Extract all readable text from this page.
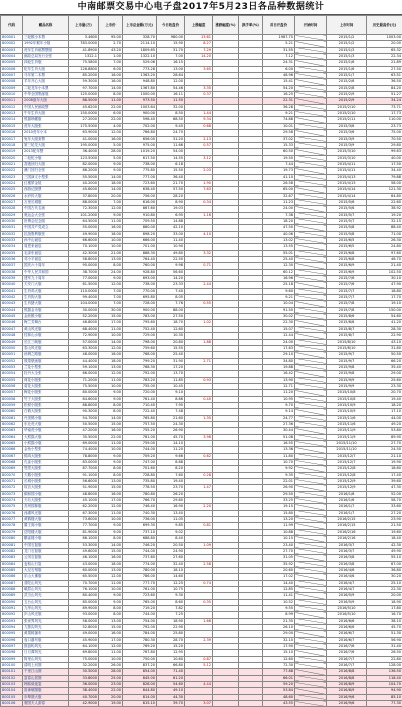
中南邮票交易中心电子盘2017年5月23日各品种数据统计
代码	藏品名称	上市量(万)	上市价	上市总金额(万元)	今日收盘价	上涨幅度	涨跌幅度(%)	换手率(%)	首日开盘价	开始时间	上市时间	历史最高价(元)
800001	三轮猴小本票	3.4600	95.00	328.70	980.00	13.61			1987.75		2015/1/2	1003.00
800002	1992年猴年小版	783.0000	2.70	2114.10	15.90	8.27			5.21		2015/1/2	20.00
800003	虎年生肖邮票整版	41.8900	43.20	1809.65	31.70	7.29			31.55		2015/1/3	65.32
800004	邮政总局发行全张	1322.1	1.00	1322.10	7.00	14.20			7.12		2015/1/3	22.34
800005	四轮生肖版	75.5800	7.00	529.06	16.15				24.31		2015/1/6	21.89
800006	蛇年生肖大版	128.8800	6.00	773.28	13.00	3.65			6.00		2015/1/6	27.50
800007	马年第二本票	85.2000	16.00	1363.20	28.64				48.96		2015/1/7	63.51
800008	羊年开心大版	59.3000	16.00	948.80	12.00				15.41		2015/2/6	36.50
800009	二轮龙年小本票	97.7000	14.00	1367.80	54.46	3.35			54.20		2015/2/8	84.20
800010	中华全国集邮展	125.0000	8.00	1000.00	16.11	0.37			16.25		2015/2/9	51.27
800011	2008鼠年大版	88.5000	11.00	973.50	11.50				22.31		2015/2/9	34.24
800012	中国人民邮政整	45.6200	22.00	1003.64	32.00				36.28		2015/2/10	73.71
800013	牛年生肖大版	150.0000	6.00	900.00	8.50	1.44			9.21		2015/2/10	17.73
800014	熊猫珍藏版	27.2000	22.00	598.40	68.50	9.34			74.88		2015/2/11	110.00
800015	虎年大版张	175.5000	4.00	702.00	9.45	0.68			10.01		2015/3/6	23.73
800016	2010虎年小本	63.9000	12.00	766.80	24.70				29.58		2015/3/6	75.00
800017	兔年大版套票	41.0000	16.00	656.00	31.20	2.13			37.02		2015/3/9	70.50
800018	第三轮龙大版	195.0000	5.00	975.00	11.66	0.57			15.33		2015/3/9	29.80
800019	2013蛇年整	36.4000	28.00	1019.20	54.00				60.50		2015/3/10	99.63
800020	二轮蛇小版	123.5000	5.00	617.50	14.55	3.12			19.50		2015/3/10	40.00
800021	香港回归大版	82.0000	9.00	738.00	6.18				7.44		2015/4/11	17.50
800022	澳门回归全张	86.2000	9.00	775.80	15.50	2.03			19.73		2015/4/11	34.40
800023	三国演义小型张	55.5000	14.00	777.00	36.40				41.10		2015/4/13	79.88
800024	红楼梦金陵	40.2000	18.00	723.60	21.70	1.90			26.58		2015/4/13	58.00
800025	西游记版票	45.6000	14.00	638.40	57.50	7.63			65.00		2015/4/14	121.30
800026	水浒传大版	37.8000	20.00	756.00	28.20				32.67		2015/4/14	64.80
800027	万里长城版	88.0000	7.00	616.00	8.90	0.34			11.23		2015/5/6	22.60
800028	中国古代名画	72.3000	12.00	867.60	19.03				24.00		2015/5/6	38.92
800029	奥运会大全张	101.2000	9.00	910.80	6.95	1.16			7.38		2015/5/7	19.20
800030	世博会纪念版	64.5000	11.00	709.50	14.88				18.20		2015/5/7	32.15
800031	中国共产党成立	55.0000	16.00	880.00	42.10				47.50		2015/5/8	88.40
800032	抗战胜利版张	49.9000	18.00	898.20	33.00	4.10			40.06		2015/5/8	71.00
800033	孙中山诞辰	66.6000	10.00	666.00	11.40				13.02		2015/6/5	26.30
800034	周恩来诞辰	70.1000	10.00	701.00	10.90				13.55		2015/6/5	24.80
800035	毛泽东诞辰	42.3000	21.00	888.30	49.80	3.32			55.01		2015/6/8	97.60
800036	邓小平诞辰	58.8000	13.00	764.40	22.50				25.40		2015/6/8	46.70
800037	国庆六十周年	95.0000	8.00	760.00	9.98	0.71			12.30		2015/6/9	21.40
800038	中华人民共和国	38.7000	24.00	928.80	56.60				60.12		2015/6/9	102.50
800039	建军九十周年	77.0000	9.00	693.00	14.20				16.96		2015/7/6	30.10
800040	天安门大版	61.5000	12.00	738.00	23.33	2.44			25.18		2015/7/6	47.90
800041	生肖鸡大版	110.0000	7.00	770.00	7.40				9.60		2015/7/7	18.80
800042	生肖狗大版	99.4000	7.00	695.80	8.05				9.21		2015/7/7	17.70
800043	生肖猪大版	104.0000	7.00	728.00	7.76	0.55			10.04		2015/7/8	19.10
800044	熊猫金币版	30.0000	30.00	900.00	88.00				91.50		2015/7/8	150.00
800045	金丝猴小版	52.2000	15.00	783.00	27.50				30.02		2015/8/6	54.60
800046	梅兰芳舞台	46.8000	17.00	795.60	18.70	1.02			22.30		2015/8/6	41.20
800047	黄山风光版	68.4000	11.00	752.40	12.60				15.07		2015/8/7	28.30
800048	桂林山水版	72.9000	10.00	729.00	10.30				12.44		2015/8/7	22.90
800049	长江三峡版	57.0000	14.00	798.00	20.80	1.88			24.00		2015/8/10	43.10
800050	泰山风光版	63.3000	12.00	759.60	15.55				17.63		2015/8/10	31.80
800051	丝绸之路版	48.0000	16.00	768.00	25.40				29.10		2015/9/7	50.50
800052	敦煌壁画版	44.4000	18.00	799.20	31.90	2.71			34.80		2015/9/7	66.20
800053	兰花小型张	59.1000	13.00	768.30	17.20				19.88		2015/9/8	35.40
800054	牡丹大全张	66.0000	12.00	792.00	13.70				16.42		2015/9/8	29.00
800055	荷花小版张	71.2000	11.00	783.20	11.85	0.93			13.90		2015/9/9	25.60
800056	菊花大版张	75.5000	10.00	755.00	10.45				12.71		2015/9/9	23.30
800057	梅花小版张	80.0000	9.00	720.00	9.10				11.20		2015/10/8	20.70
800058	竹子大版张	84.6000	9.00	761.40	8.66	0.40			10.95		2015/10/8	19.40
800059	松树小版张	88.8000	8.00	710.40	7.95				9.70		2015/10/9	18.20
800060	白鹤大版张	90.3000	8.00	722.40	7.48				9.14		2015/10/9	17.10
800061	丹顶鹤小版	54.7000	14.00	765.80	21.60	1.35			24.77		2015/11/6	44.00
800062	东北虎大版	50.5000	15.00	757.50	24.30				27.36		2015/11/6	49.20
800063	华南虎小版	47.2000	16.00	755.20	26.90				30.44		2015/11/9	53.80
800064	大熊猫大版	35.5000	22.00	781.00	45.70	3.96			51.08		2015/11/9	89.90
800065	小熊猫小版	69.0000	11.00	759.00	14.10				16.55		2015/11/10	27.70
800066	金鱼小型张	74.4000	10.00	744.00	11.20				13.36		2015/11/10	24.50
800067	锦鸡大版张	78.8000	9.00	709.20	9.66	0.62			11.80		2015/12/7	21.10
800068	孔雀小版张	83.0000	9.00	747.00	8.88				10.70		2015/12/7	19.90
800069	鸳鸯大版张	87.7000	8.00	701.60	8.20				9.92		2015/12/8	18.60
800070	天鹅小版张	91.1000	8.00	728.80	7.60	0.28			9.35		2015/12/8	17.40
800071	长城小版张	56.6000	13.00	735.80	19.40				22.01		2015/12/9	39.60
800072	故宫大版张	51.9000	15.00	778.50	23.70	1.47			26.90		2015/12/9	47.30
800073	颐和园小版	48.8000	16.00	780.80	26.20				29.50		2016/1/6	52.00
800074	天坛大版张	45.1000	17.00	766.70	29.80				33.25		2016/1/6	58.70
800075	苏州园林版	62.2000	12.00	746.40	16.90	2.20			19.15		2016/1/7	33.60
800076	西湖风光版	67.3000	11.00	740.30	13.40				15.80		2016/1/7	27.20
800077	黄鹤楼大版	73.6000	10.00	736.00	11.05				13.20		2016/2/15	23.90
800078	滕王阁小版	77.7000	9.00	699.30	9.85	0.81			11.99		2016/2/15	21.50
800079	岳阳楼大版	81.9000	9.00	737.10	9.02				10.88		2016/2/16	19.60
800080	鹳雀楼小版	86.1000	8.00	688.80	8.40				10.15		2016/2/16	18.40
800081	中国石窟版	53.3000	14.00	746.20	20.50	1.09			23.40		2016/3/7	42.30
800082	龙门石窟版	49.6000	15.00	744.00	24.90				27.70		2016/3/7	49.90
800083	云冈石窟版	46.1000	16.00	737.60	27.60				31.05		2016/3/8	55.10
800084	麦积山石窟	43.0000	18.00	774.00	32.40	2.58			35.92		2016/3/8	67.00
800085	大足石刻版	60.0000	13.00	780.00	18.10				20.60		2016/4/6	36.80
800086	乐山大佛版	65.5000	12.00	786.00	14.60				17.02		2016/4/6	30.20
800087	普陀山风光	70.7000	11.00	777.70	12.25	0.74			14.40		2016/4/7	25.10
800088	峨眉山风光	76.1000	10.00	761.00	10.75				12.85		2016/4/7	22.30
800089	武当山风光	80.4000	9.00	723.60	9.30				11.41		2016/5/9	20.00
800090	五台山风光	85.0000	9.00	765.00	8.60	0.35			10.52		2016/5/9	18.90
800091	九华山风光	89.9000	8.00	719.20	7.82				9.55		2016/5/10	17.80
800092	庐山风光版	93.0000	8.00	744.00	7.25				8.99		2016/5/10	16.70
800093	张家界风光	58.0000	13.00	754.00	18.90	1.66			21.35		2016/6/6	38.10
800094	九寨沟风光	52.8000	15.00	792.00	22.90				26.10		2016/6/6	45.70
800095	黄果树瀑布	49.0000	16.00	784.00	25.80				29.00		2016/6/7	51.30
800096	壶口瀑布版	45.9000	17.00	780.30	28.70	2.39			32.10		2016/6/7	56.90
800097	鼓浪屿风光	64.1000	12.00	769.20	15.20				17.90		2016/7/6	31.40
800098	日月潭风光	69.8000	11.00	767.80	12.95				15.10		2016/7/6	26.50
800099	阿里山风光	75.0000	10.00	750.00	10.60	0.87			12.60		2016/7/7	22.80
800100	清明上河图	32.2000	26.00	837.20	66.80	5.12			72.30		2016/7/7	128.00
800101	千里江山图	30.5000	28.00	854.00	71.40				77.88		2016/8/8	136.50
800102	富春山居图	33.8000	25.00	845.00	61.20				66.01		2016/8/8	118.40
800103	韩熙载夜宴	36.0000	23.00	828.00	54.60	4.44			59.20		2016/8/9	104.70
800104	洛神赋图版	38.4000	22.00	844.80	49.10				53.84		2016/8/9	94.90
800105	步辇图大版	40.7000	20.00	814.00	44.30				48.60		2016/9/6	85.10
800106	虢国夫人游春	42.9000	19.00	815.10	39.70	3.07			43.55		2016/9/6	77.30
